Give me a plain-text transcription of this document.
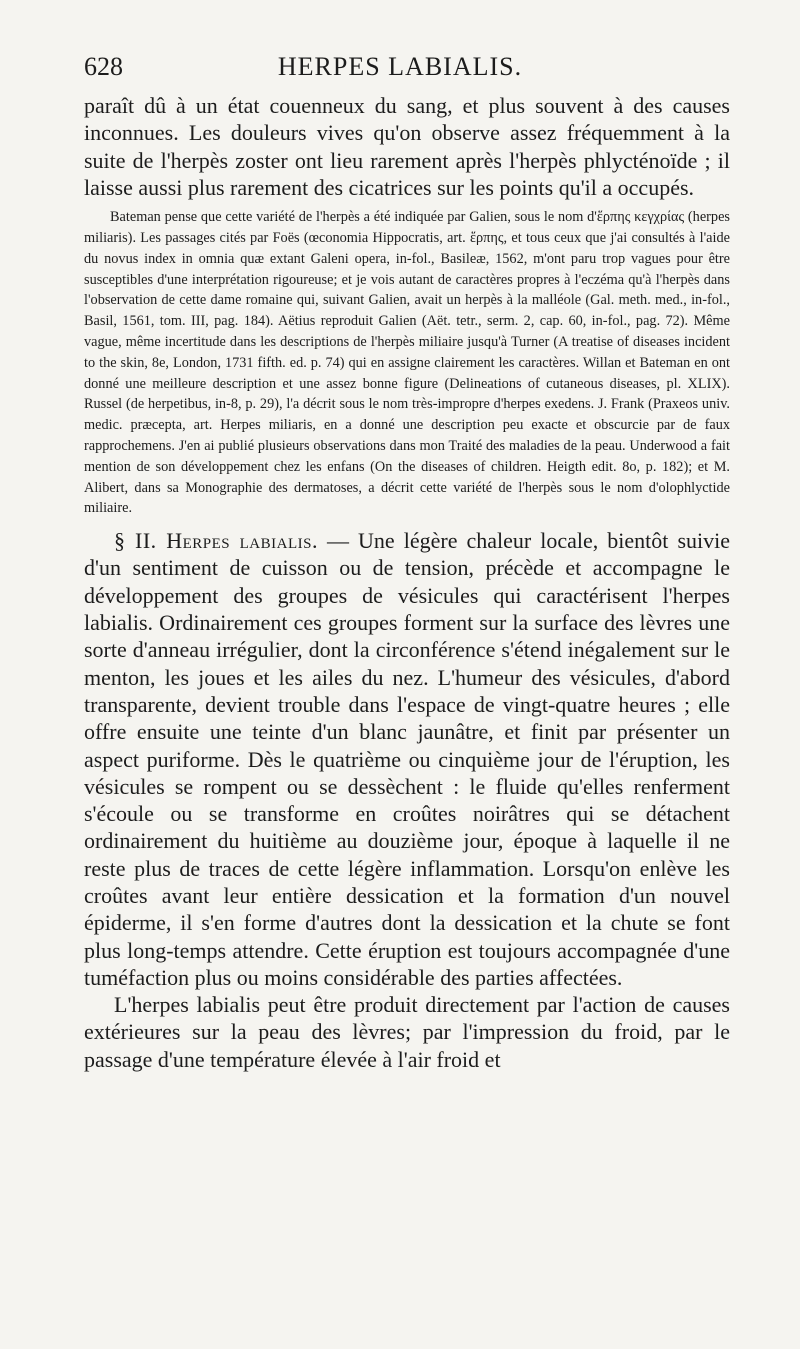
628	HERPES LABIALIS.

paraît dû à un état couenneux du sang, et plus souvent à des causes inconnues. Les douleurs vives qu'on observe assez fréquemment à la suite de l'herpès zoster ont lieu rarement après l'herpès phlycténoïde ; il laisse aussi plus rarement des cicatrices sur les points qu'il a occupés.

Bateman pense que cette variété de l'herpès a été indiquée par Galien, sous le nom d'ἕρπης κεγχρίας (herpes miliaris). Les passages cités par Foës (œconomia Hippocratis, art. ἕρπης, et tous ceux que j'ai consultés à l'aide du novus index in omnia quæ extant Galeni opera, in-fol., Basileæ, 1562, m'ont paru trop vagues pour être susceptibles d'une interprétation rigoureuse; et je vois autant de caractères propres à l'eczéma qu'à l'herpès dans l'observation de cette dame romaine qui, suivant Galien, avait un herpès à la malléole (Gal. meth. med., in-fol., Basil, 1561, tom. III, pag. 184). Aëtius reproduit Galien (Aët. tetr., serm. 2, cap. 60, in-fol., pag. 72). Même vague, même incertitude dans les descriptions de l'herpès miliaire jusqu'à Turner (A treatise of diseases incident to the skin, 8e, London, 1731 fifth. ed. p. 74) qui en assigne clairement les caractères. Willan et Bateman en ont donné une meilleure description et une assez bonne figure (Delineations of cutaneous diseases, pl. XLIX). Russel (de herpetibus, in-8, p. 29), l'a décrit sous le nom très-impropre d'herpes exedens. J. Frank (Praxeos univ. medic. præcepta, art. Herpes miliaris, en a donné une description peu exacte et obscurcie par de faux rapprochemens. J'en ai publié plusieurs observations dans mon Traité des maladies de la peau. Underwood a fait mention de son développement chez les enfans (On the diseases of children. Heigth edit. 8o, p. 182); et M. Alibert, dans sa Monographie des dermatoses, a décrit cette variété de l'herpès sous le nom d'olophlyctide miliaire.

§ II. Herpes labialis. — Une légère chaleur locale, bientôt suivie d'un sentiment de cuisson ou de tension, précède et accompagne le développement des groupes de vésicules qui caractérisent l'herpes labialis. Ordinairement ces groupes forment sur la surface des lèvres une sorte d'anneau irrégulier, dont la circonférence s'étend inégalement sur le menton, les joues et les ailes du nez. L'humeur des vésicules, d'abord transparente, devient trouble dans l'espace de vingt-quatre heures ; elle offre ensuite une teinte d'un blanc jaunâtre, et finit par présenter un aspect puriforme. Dès le quatrième ou cinquième jour de l'éruption, les vésicules se rompent ou se dessèchent : le fluide qu'elles renferment s'écoule ou se transforme en croûtes noirâtres qui se détachent ordinairement du huitième au douzième jour, époque à laquelle il ne reste plus de traces de cette légère inflammation. Lorsqu'on enlève les croûtes avant leur entière dessication et la formation d'un nouvel épiderme, il s'en forme d'autres dont la dessication et la chute se font plus long-temps attendre. Cette éruption est toujours accompagnée d'une tuméfaction plus ou moins considérable des parties affectées.

L'herpes labialis peut être produit directement par l'action de causes extérieures sur la peau des lèvres; par l'impression du froid, par le passage d'une température élevée à l'air froid et
